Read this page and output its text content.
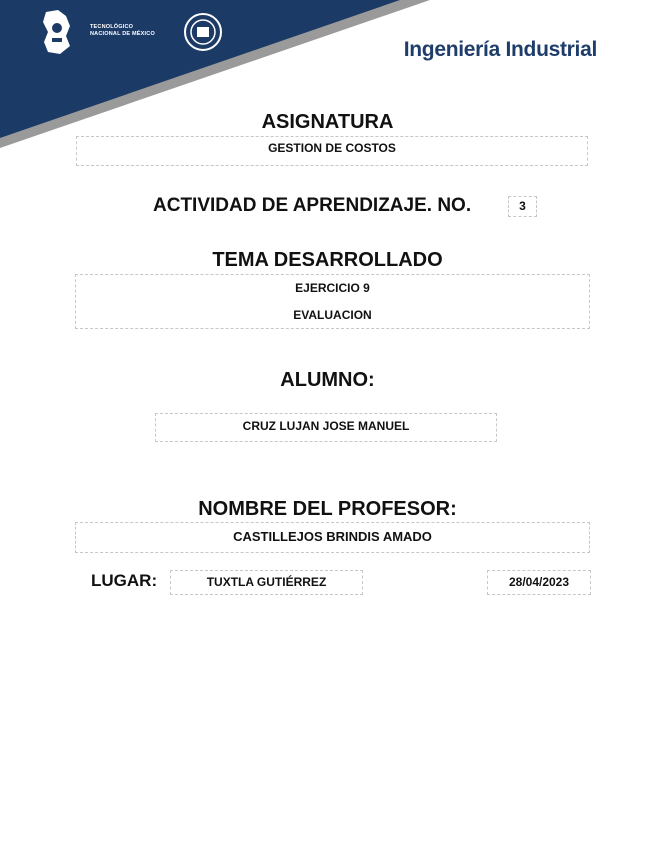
TECNOLÓGICO
NACIONAL DE MÉXICO
Ingeniería Industrial
ASIGNATURA
GESTION DE COSTOS
ACTIVIDAD DE APRENDIZAJE. NO.	3
TEMA DESARROLLADO
EJERCICIO 9
EVALUACION
ALUMNO:
CRUZ LUJAN JOSE MANUEL
NOMBRE DEL PROFESOR:
CASTILLEJOS BRINDIS AMADO
LUGAR:	TUXTLA GUTIÉRREZ	28/04/2023
